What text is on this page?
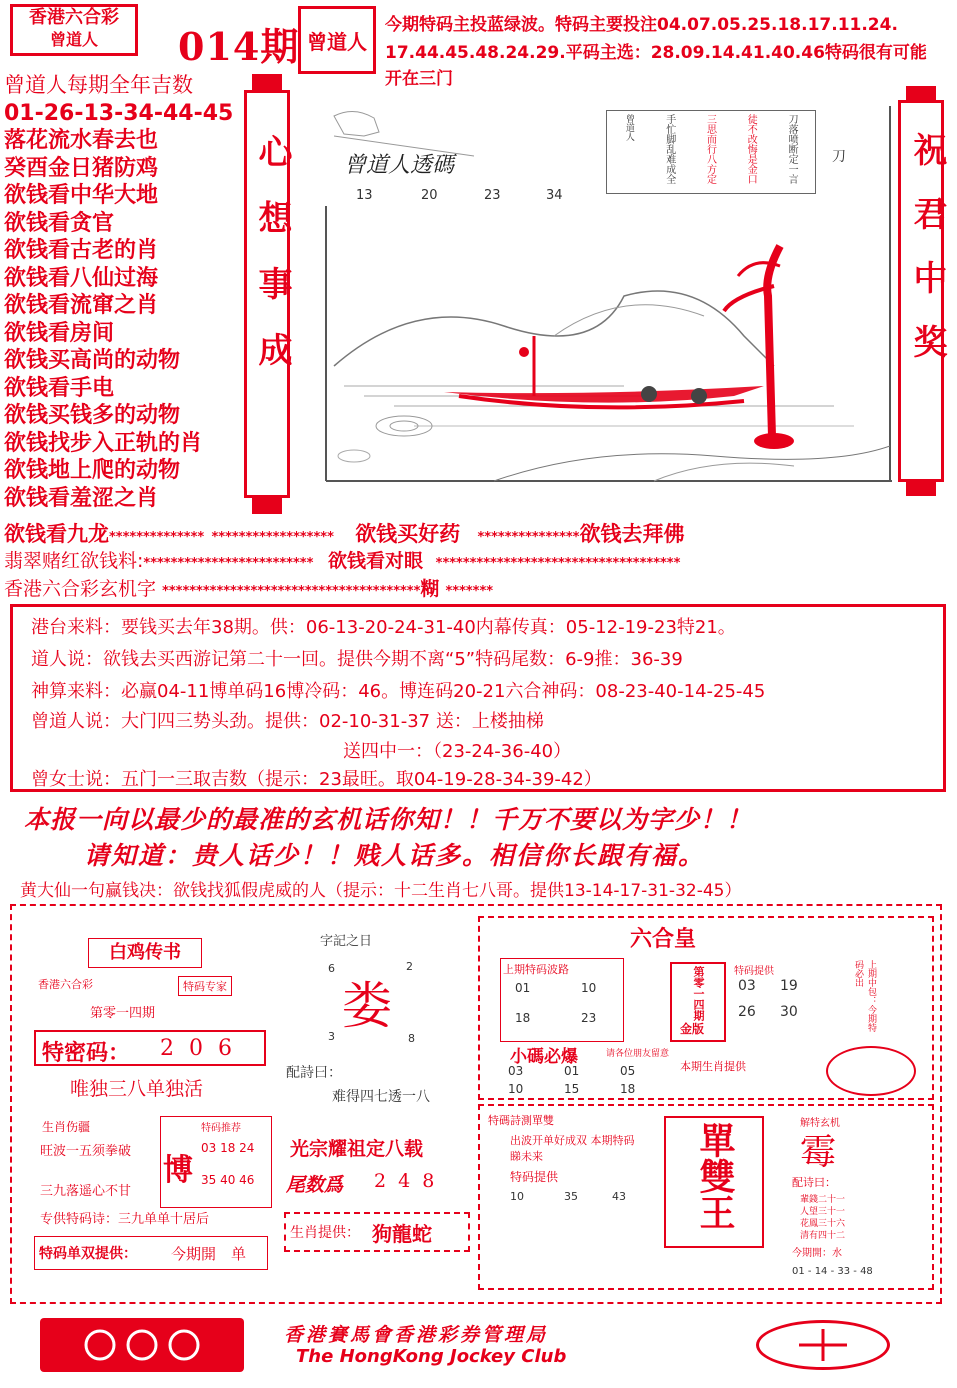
香港六合彩
曾道人	014期 曾道人
今期特码主投蓝绿波。特码主要投注04.07.05.25.18.17.11.24.
17.44.45.48.24.29.平码主选：28.09.14.41.40.46特码很有可能
开在三门
曾道人每期全年吉数
01-26-13-34-44-45
落花流水春去也
癸酉金日猪防鸡
欲钱看中华大地
欲钱看贪官
欲钱看古老的肖
欲钱看八仙过海
欲钱看流窜之肖
欲钱看房间
欲钱买高尚的动物
欲钱看手电
欲钱买钱多的动物
欲钱找步入正轨的肖
欲钱地上爬的动物
欲钱看羞涩之肖
心想事成 曾道人透碼
13	20	23	34
刀落喷断定一言
徒不改悔是金口
三思而行八方定
手忙脚乱难成全
曾道人
刀 祝君中奖
欲钱看九龙************** ****************** 欲钱买好药 ***************欲钱去拜佛
翡翠赌红欲钱料:************************* 欲钱看对眼 ************************************
香港六合彩玄机字 **************************************糊 *******
港台来料：要钱买去年38期。供：06-13-20-24-31-40内幕传真：05-12-19-23特21。
道人说：欲钱去买西游记第二十一回。提供今期不离“5”特码尾数：6-9推：36-39
神算来料：必赢04-11博单码16博冷码：46。博连码20-21六合神码：08-23-40-14-25-45
曾道人说：大门四三势头劲。提供：02-10-31-37 送：上楼抽梯
送四中一：（23-24-36-40）
曾女士说：五门一三取吉数（提示：23最旺。取04-19-28-34-39-42）
本报一向以最少的最准的玄机话你知！！千万不要以为字少！！
请知道：贵人话少！！贱人话多。相信你长跟有福。
黄大仙一句赢钱决：欲钱找狐假虎威的人（提示：十二生肖七八哥。提供13-14-17-31-32-45）
白鸡传书
香港六合彩	特码专家
第零一四期
特密码： 2 0 6
唯独三八单独活
生肖伤疆
旺波一五须拳破
三九落遥心不甘
特码推荐
博
03 18 24
35 40 46
专供特码诗：三九单单十居后
特码单双提供： 今期開　单
字記之日
6	2
娄
3	8
配詩曰：
难得四七透一八
光宗耀祖定八载
尾数爲 2 4 8
生肖提供： 狗龍蛇
六合皇
上期特码波路
01	10
18	23	第零一四期
金版
特码提供
03 19
26 30	上期中包：今期特码必出
小碼必爆	请各位朋友留意
03	01	05
10	15	18
本期生肖提供
特碼詩測單雙
出波开单好成双 本期特码睇未来
特码提供
10	35	43 單雙王	解特玄机
霉
配诗曰：
輩錢二十一
人望三十一
花鳳三十六
清有四十二
今期開：水
01 - 14 - 33 - 48
香港賽馬會香港彩券管理局
The HongKong Jockey Club
